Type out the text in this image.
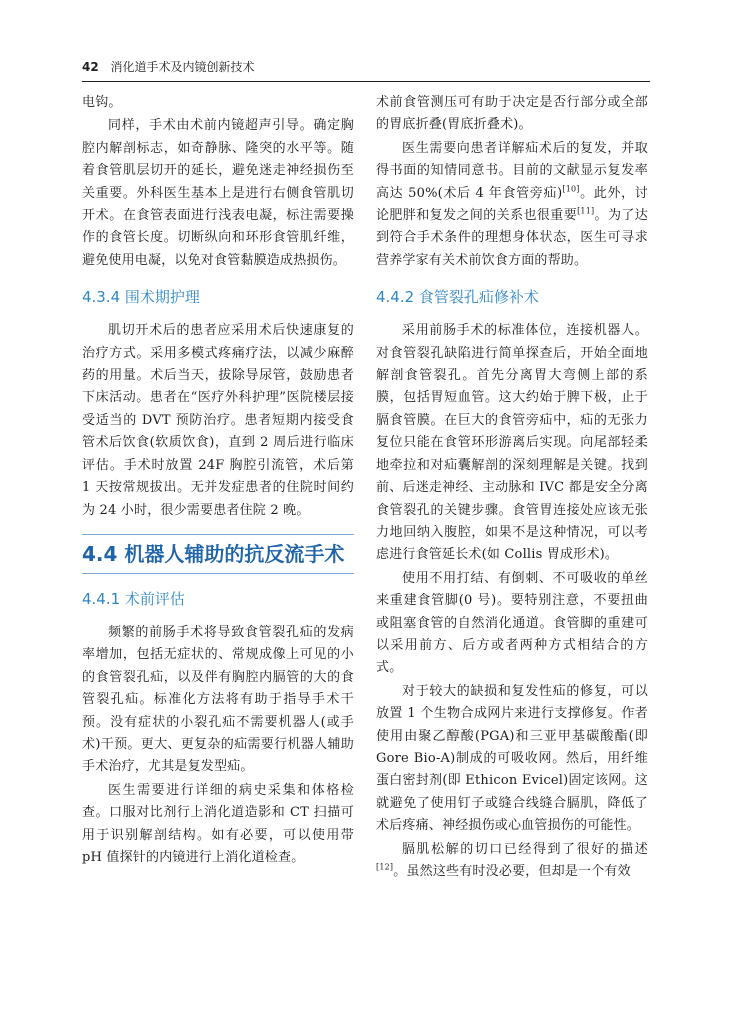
42 消化道手术及内镜创新技术

电钩。

同样，手术由术前内镜超声引导。确定胸腔内解剖标志，如奇静脉、隆突的水平等。随着食管肌层切开的延长，避免迷走神经损伤至关重要。外科医生基本上是进行右侧食管肌切开术。在食管表面进行浅表电凝，标注需要操作的食管长度。切断纵向和环形食管肌纤维，避免使用电凝，以免对食管黏膜造成热损伤。

4.3.4 围术期护理

肌切开术后的患者应采用术后快速康复的治疗方式。采用多模式疼痛疗法，以减少麻醉药的用量。术后当天，拔除导尿管，鼓励患者下床活动。患者在“医疗外科护理”医院楼层接受适当的 DVT 预防治疗。患者短期内接受食管术后饮食(软质饮食)，直到 2 周后进行临床评估。手术时放置 24F 胸腔引流管，术后第 1 天按常规拔出。无并发症患者的住院时间约为 24 小时，很少需要患者住院 2 晚。

4.4 机器人辅助的抗反流手术
4.4.1 术前评估

频繁的前肠手术将导致食管裂孔疝的发病率增加，包括无症状的、常规成像上可见的小的食管裂孔疝，以及伴有胸腔内膈管的大的食管裂孔疝。标准化方法将有助于指导手术干预。没有症状的小裂孔疝不需要机器人(或手术)干预。更大、更复杂的疝需要行机器人辅助手术治疗，尤其是复发型疝。

医生需要进行详细的病史采集和体格检查。口服对比剂行上消化道造影和 CT 扫描可用于识别解剖结构。如有必要，可以使用带 pH 值探针的内镜进行上消化道检查。

术前食管测压可有助于决定是否行部分或全部的胃底折叠(胃底折叠术)。

医生需要向患者详解疝术后的复发，并取得书面的知情同意书。目前的文献显示复发率高达 50%(术后 4 年食管旁疝)[10]。此外，讨论肥胖和复发之间的关系也很重要[11]。为了达到符合手术条件的理想身体状态，医生可寻求营养学家有关术前饮食方面的帮助。

4.4.2 食管裂孔疝修补术

采用前肠手术的标准体位，连接机器人。对食管裂孔缺陷进行简单探查后，开始全面地解剖食管裂孔。首先分离胃大弯侧上部的系膜，包括胃短血管。这大约始于脾下极，止于膈食管膜。在巨大的食管旁疝中，疝的无张力复位只能在食管环形游离后实现。向尾部轻柔地牵拉和对疝囊解剖的深刻理解是关键。找到前、后迷走神经、主动脉和 IVC 都是安全分离食管裂孔的关键步骤。食管胃连接处应该无张力地回纳入腹腔，如果不是这种情况，可以考虑进行食管延长术(如 Collis 胃成形术)。

使用不用打结、有倒刺、不可吸收的单丝来重建食管脚(0 号)。要特别注意，不要扭曲或阻塞食管的自然消化通道。食管脚的重建可以采用前方、后方或者两种方式相结合的方式。

对于较大的缺损和复发性疝的修复，可以放置 1 个生物合成网片来进行支撑修复。作者使用由聚乙醇酸(PGA)和三亚甲基碳酸酯(即 Gore Bio-A)制成的可吸收网。然后，用纤维蛋白密封剂(即 Ethicon Evicel)固定该网。这就避免了使用钉子或缝合线缝合膈肌，降低了术后疼痛、神经损伤或心血管损伤的可能性。

膈肌松解的切口已经得到了很好的描述[12]。虽然这些有时没必要，但却是一个有效
